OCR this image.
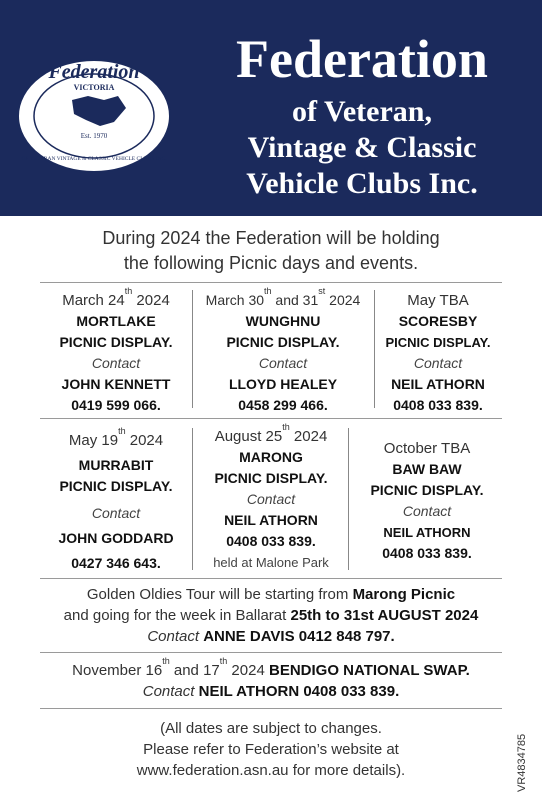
Federation
VICTORIA
Est. 1970
OF VETERAN VINTAGE & CLASSIC VEHICLE CLUBS INC.
Federation
of Veteran,
Vintage & Classic
Vehicle Clubs Inc.
During 2024 the Federation will be holding
the following Picnic days and events.
March 24th 2024
MORTLAKE
PICNIC DISPLAY.
Contact
JOHN KENNETT
0419 599 066.
March 30th and 31st 2024
WUNGHNU
PICNIC DISPLAY.
Contact
LLOYD HEALEY
0458 299 466.
May TBA
SCORESBY
PICNIC DISPLAY.
Contact
NEIL ATHORN
0408 033 839.
May 19th 2024
MURRABIT
PICNIC DISPLAY.
Contact
JOHN GODDARD
0427 346 643.
August 25th 2024
MARONG
PICNIC DISPLAY.
Contact
NEIL ATHORN
0408 033 839.
held at Malone Park
October TBA
BAW BAW
PICNIC DISPLAY.
Contact
NEIL ATHORN
0408 033 839.
Golden Oldies Tour will be starting from Marong Picnic
and going for the week in Ballarat 25th to 31st AUGUST 2024
Contact ANNE DAVIS 0412 848 797.
November 16th and 17th 2024 BENDIGO NATIONAL SWAP.
Contact NEIL ATHORN 0408 033 839.
(All dates are subject to changes.
Please refer to Federation’s website at
www.federation.asn.au for more details).	VR4834785
